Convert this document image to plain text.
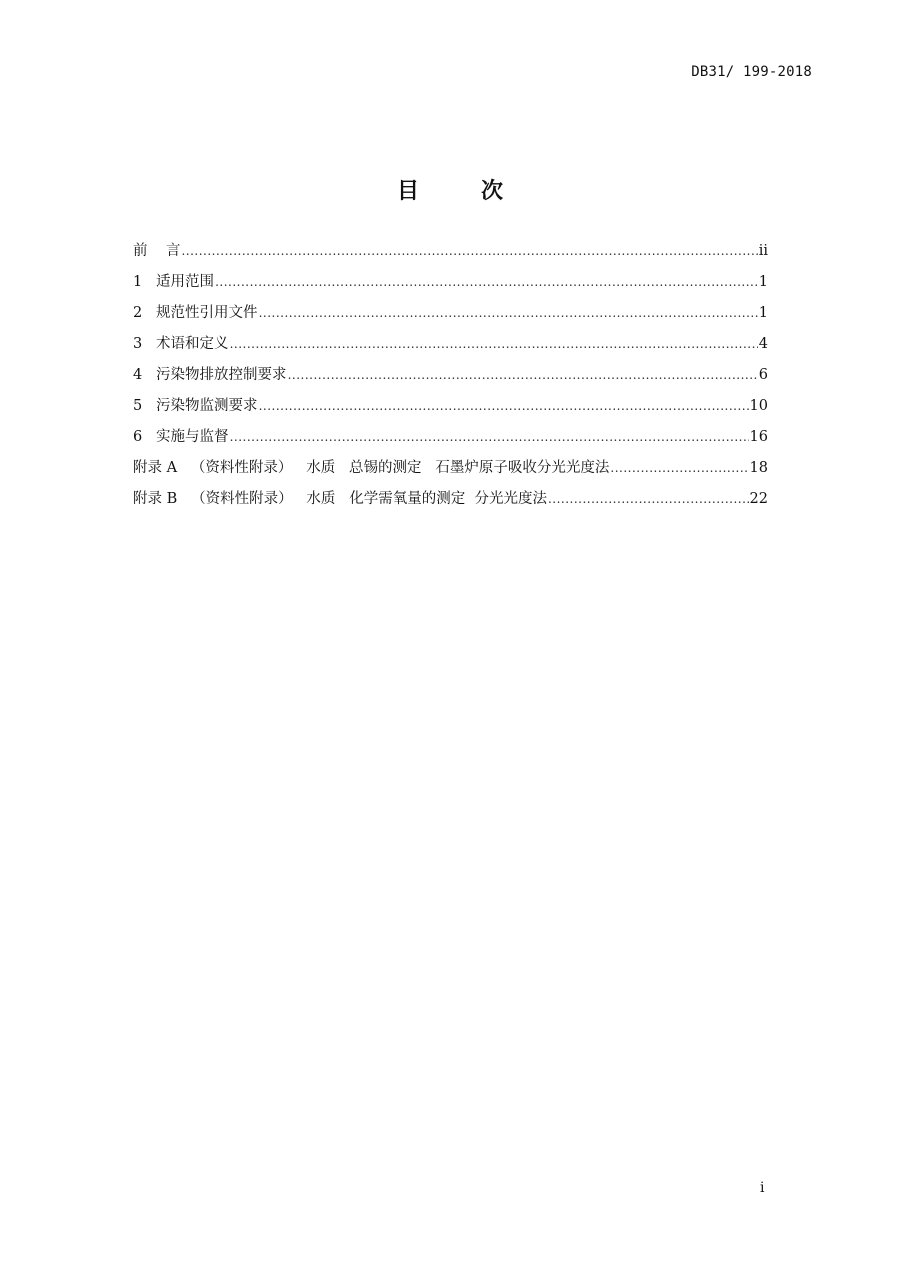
DB31/ 199-2018
目	次
前    言 .....	ii
1   适用范围 .....	1
2   规范性引用文件 .....	1
3   术语和定义 .....	4
4   污染物排放控制要求 .....	6
5   污染物监测要求 .....	10
6   实施与监督 .....	16
附录 A   （资料性附录）   水质   总锡的测定   石墨炉原子吸收分光光度法 .....	18
附录 B   （资料性附录）   水质   化学需氧量的测定  分光光度法 .....	22
i
